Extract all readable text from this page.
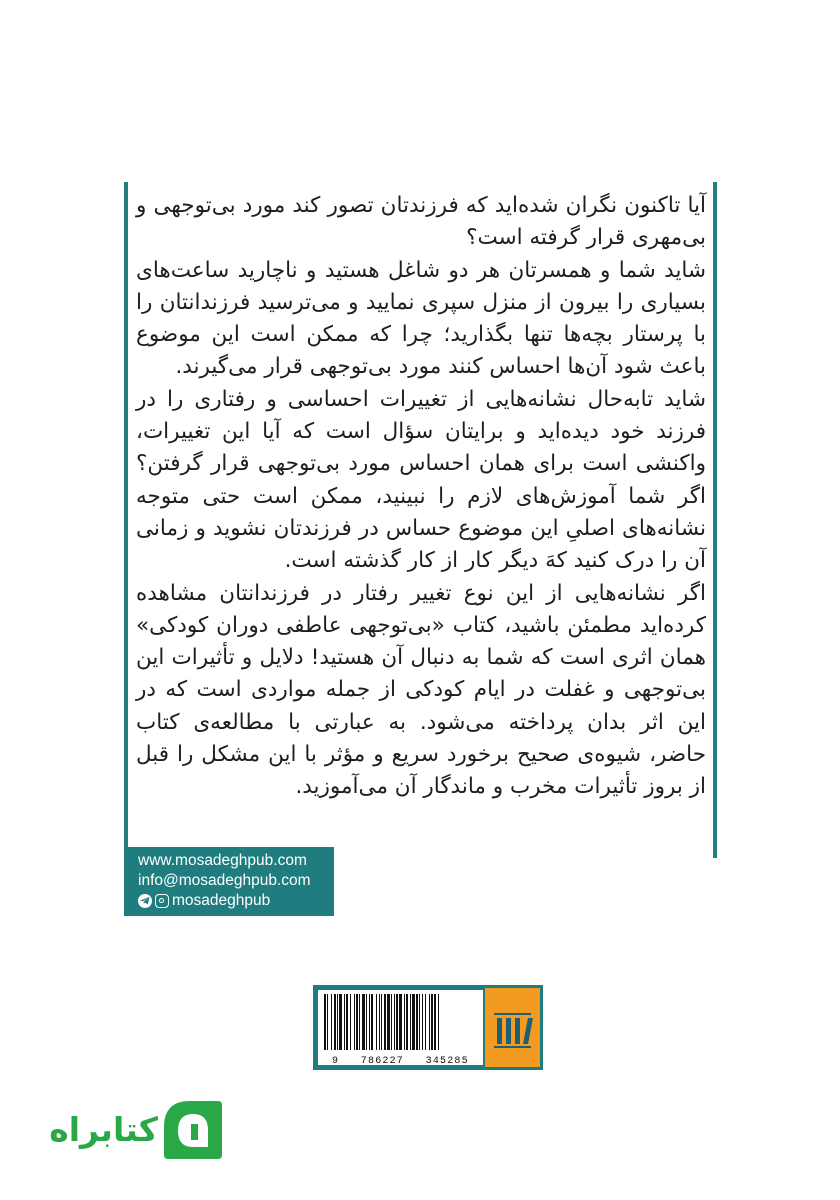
آیا تاکنون نگران شده‌اید که فرزندتان تصور کند مورد بی‌توجهی و بی‌مهری قرار گرفته است؟

شاید شما و همسرتان هر دو شاغل هستید و ناچارید ساعت‌های بسیاری را بیرون از منزل سپری نمایید و می‌ترسید فرزندانتان را با پرستار بچه‌ها تنها بگذارید؛ چرا که ممکن است این موضوع باعث شود آن‌ها احساس کنند مورد بی‌توجهی قرار می‌گیرند.

شاید تابه‌حال نشانه‌هایی از تغییرات احساسی و رفتاری را در فرزند خود دیده‌اید و برایتان سؤال است که آیا این تغییرات، واکنشی است برای همان احساس مورد بی‌توجهی قرار گرفتن؟ اگر شما آموزش‌های لازم را نبینید، ممکن است حتی متوجه نشانه‌های اصلیِ این موضوع حساس در فرزندتان نشوید و زمانی آن را درک کنید کهَ دیگر کار از کار گذشته است.

اگر نشانه‌هایی از این نوع تغییر رفتار در فرزندانتان مشاهده کرده‌اید مطمئن باشید، کتاب «بی‌توجهی عاطفی دوران کودکی» همان اثری است که شما به دنبال آن هستید! دلایل و تأثیرات این بی‌توجهی و غفلت در ایام کودکی از جمله مواردی است که در این اثر بدان پرداخته می‌شود. به عبارتی با مطالعه‌ی کتاب حاضر، شیوه‌ی صحیح برخورد سریع و مؤثر با این مشکل را قبل از بروز تأثیرات مخرب و ماندگار آن می‌آموزید.

www.mosadeghpub.com
info@mosadeghpub.com
mosadeghpub
9   786227   345285
کتابراه
